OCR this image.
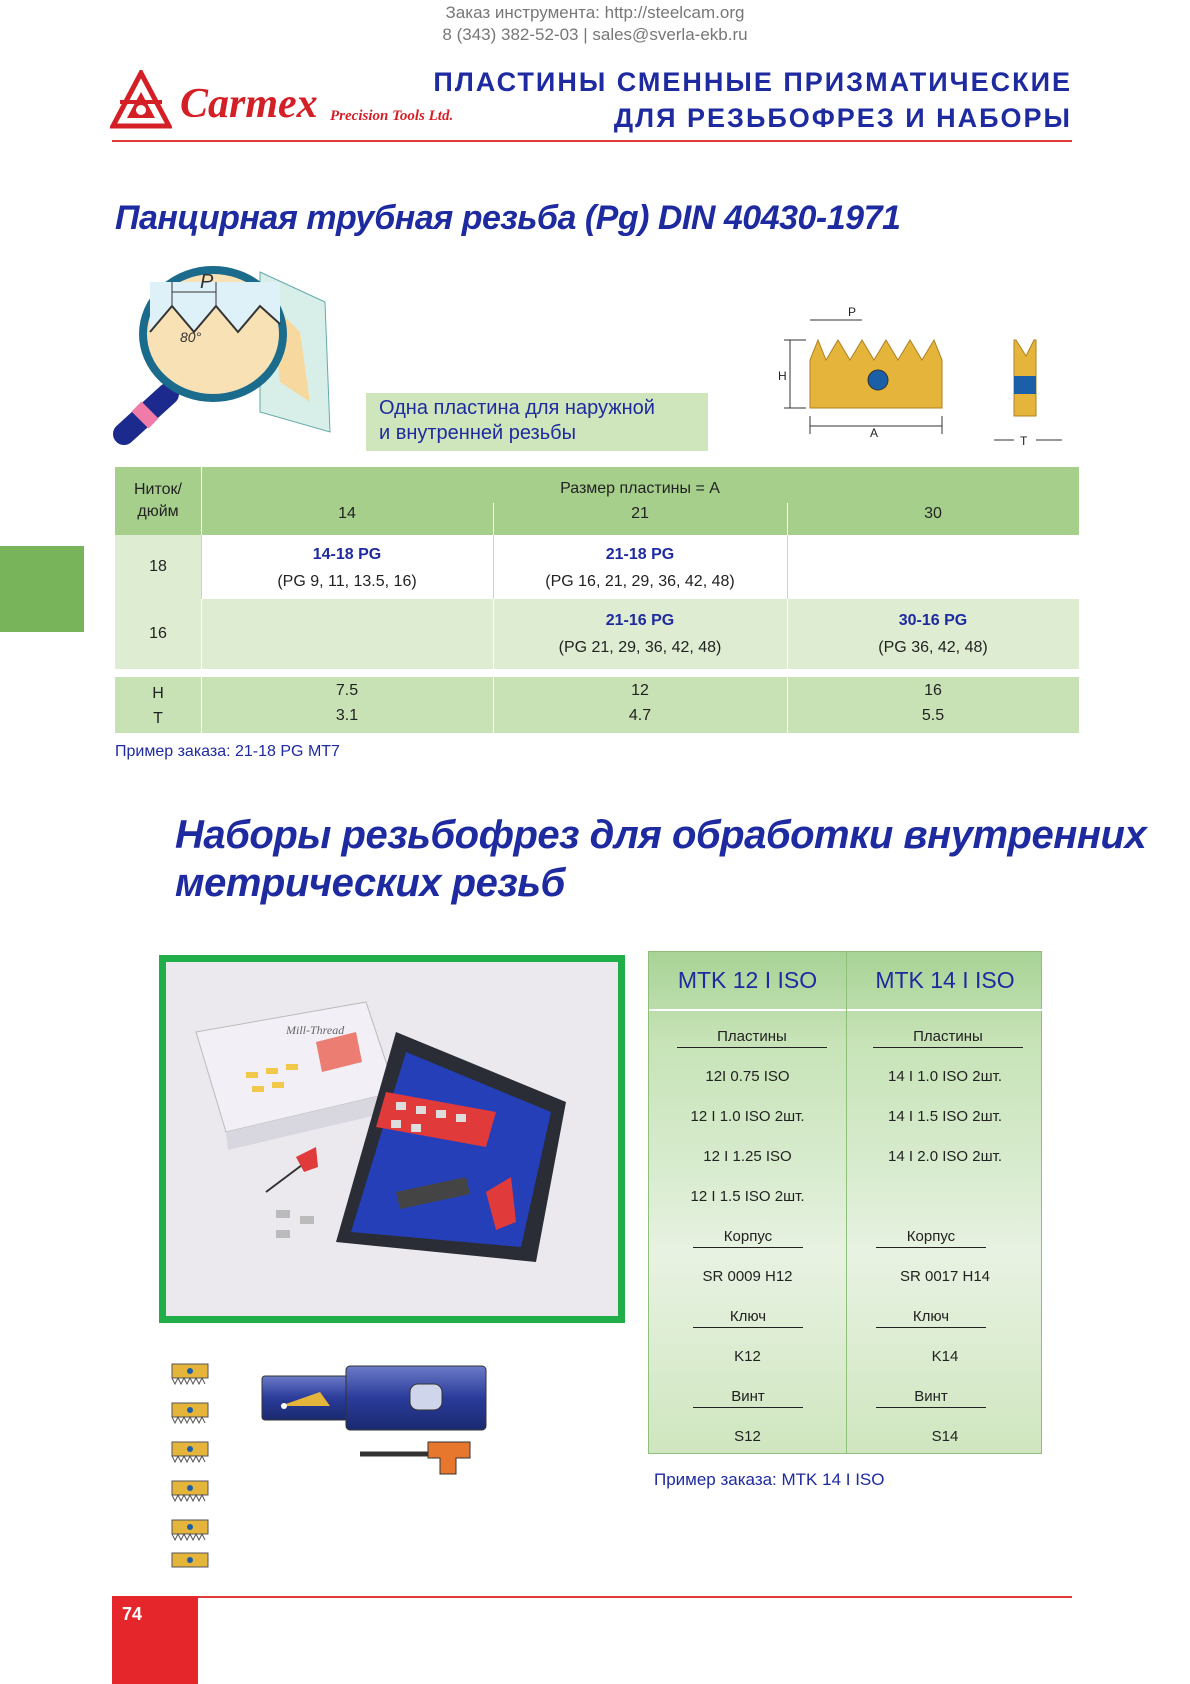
Заказ инструмента: http://steelcam.org
8 (343) 382-52-03 | sales@sverla-ekb.ru
Carmex Precision Tools Ltd.
ПЛАСТИНЫ СМЕННЫЕ ПРИЗМАТИЧЕСКИЕ
ДЛЯ РЕЗЬБОФРЕЗ И НАБОРЫ
Панцирная трубная резьба (Pg) DIN 40430-1971
P
80°
Одна пластина для наружной
и внутренней резьбы
H
A
P
T
Ниток/
дюйм
Размер пластины = A
14	21	30
18
14-18 PG
(PG 9, 11, 13.5, 16)
21-18 PG
(PG 16, 21, 29, 36, 42, 48)
16
21-16 PG
(PG 21, 29, 36, 42, 48)
30-16 PG
(PG 36, 42, 48)
H
T
7.5
3.1
12
4.7
16
5.5
Пример заказа: 21-18 PG MT7
Наборы резьбофрез для обработки внутренних
метрических резьб
Mill-Thread
MTK 12 I ISO
Пластины
12I 0.75 ISO
12 I 1.0 ISO 2шт.
12 I 1.25 ISO
12 I 1.5 ISO 2шт.
Корпус
SR 0009 H12
Ключ
K12
Винт
S12
MTK 14 I ISO
Пластины
14 I 1.0 ISO 2шт.
14 I 1.5 ISO 2шт.
14 I 2.0 ISO 2шт.
Корпус
SR 0017 H14
Ключ
K14
Винт
S14
Пример заказа: MTK 14 I ISO
74
